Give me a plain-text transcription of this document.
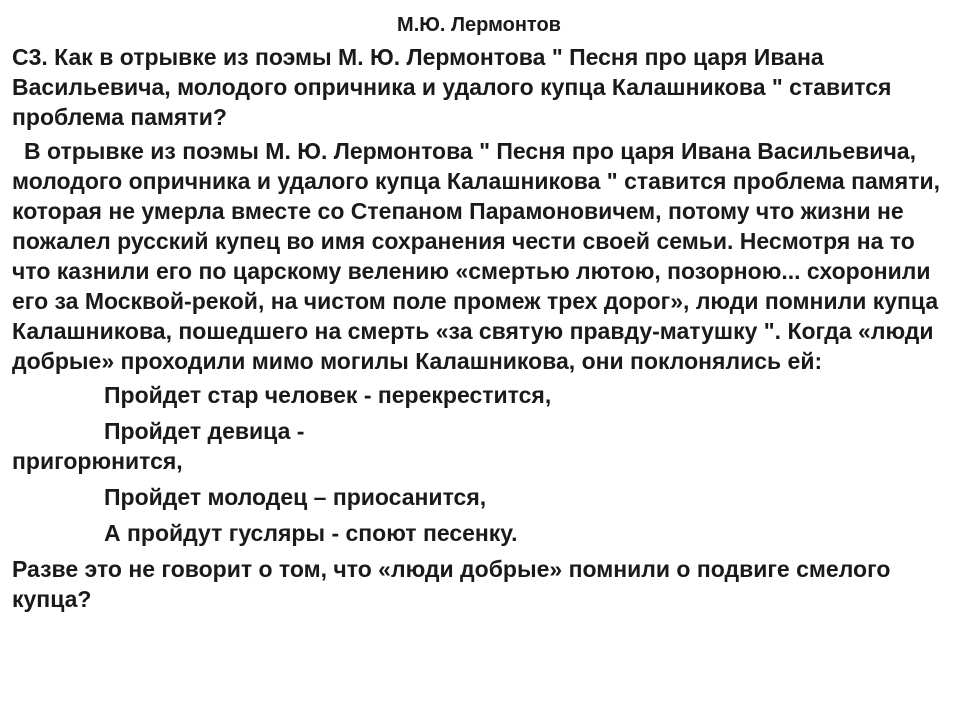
М.Ю. Лермонтов

С3. Как в отрывке из поэмы М. Ю. Лермонтова " Песня про царя Ивана Васильевича, молодого опричника и удалого купца Калашникова " ставится проблема памяти?

В отрывке из поэмы М. Ю. Лермонтова " Песня про царя Ивана Васильевича, молодого опричника и удалого купца Калашникова " ставится проблема памяти, которая не умерла вместе со Степаном Парамоновичем, потому что жизни не пожалел русский купец во имя сохранения чести своей семьи. Несмотря на то что казнили его по царскому велению «смертью лютою, позорною... схоронили его за Москвой-рекой, на чистом поле промеж трех дорог», люди помнили купца Калашникова, пошедшего на смерть «за святую правду-матушку ". Когда «люди добрые» проходили мимо могилы Калашникова, они поклонялись ей:

Пройдет стар человек - перекрестится,
Пройдет девица -
пригорюнится,
Пройдет молодец – приосанится,
А пройдут гусляры - споют песенку.

Разве это не говорит о том, что «люди добрые» помнили о подвиге смелого купца?
